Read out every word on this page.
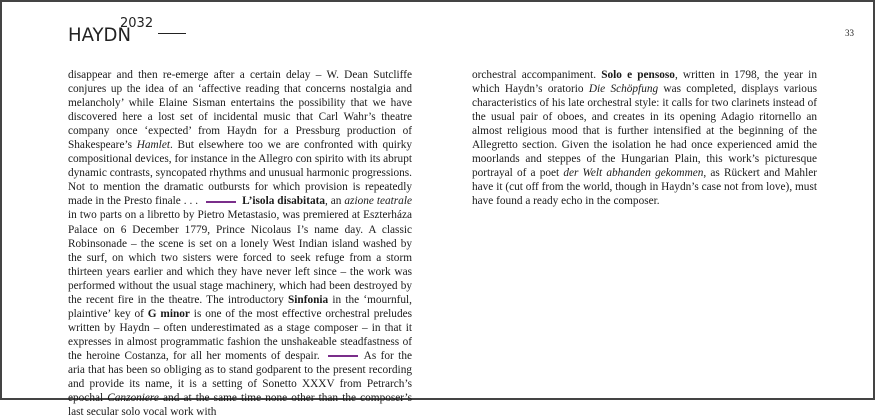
HAYDN
2032
33

disappear and then re-emerge after a certain delay – W. Dean Sutcliffe conjures up the idea of an ‘affective reading that concerns nostalgia and melancholy’ while Elaine Sisman entertains the possibility that we have discovered here a lost set of incidental music that Carl Wahr’s theatre company once ‘expected’ from Haydn for a Pressburg production of Shakespeare’s Hamlet. But elsewhere too we are confronted with quirky compositional devices, for instance in the Allegro con spirito with its abrupt dynamic contrasts, syncopated rhythms and unusual harmonic progressions. Not to mention the dramatic outbursts for which provision is repeatedly made in the Presto finale . . .	L’isola disabitata, an azione teatrale in two parts on a libretto by Pietro Metastasio, was premiered at Eszterháza Palace on 6 December 1779, Prince Nicolaus I’s name day. A classic Robinsonade – the scene is set on a lonely West Indian island washed by the surf, on which two sisters were forced to seek refuge from a storm thirteen years earlier and which they have never left since – the work was performed without the usual stage machinery, which had been destroyed by the recent fire in the theatre. The introductory Sinfonia in the ‘mournful, plaintive’ key of G minor is one of the most effective orchestral preludes written by Haydn – often underestimated as a stage composer – in that it expresses in almost programmatic fashion the unshakeable steadfastness of the heroine Costanza, for all her moments of despair.	As for the aria that has been so obliging as to stand godparent to the present recording and provide its name, it is a setting of Sonetto XXXV from Petrarch’s epochal Canzoniere and at the same time none other than the composer’s last secular solo vocal work with

orchestral accompaniment. Solo e pensoso, written in 1798, the year in which Haydn’s oratorio Die Schöpfung was completed, displays various characteristics of his late orchestral style: it calls for two clarinets instead of the usual pair of oboes, and creates in its opening Adagio ritornello an almost religious mood that is further intensified at the beginning of the Allegretto section. Given the isolation he had once experienced amid the moorlands and steppes of the Hungarian Plain, this work’s picturesque portrayal of a poet der Welt abhanden gekommen, as Rückert and Mahler have it (cut off from the world, though in Haydn’s case not from love), must have found a ready echo in the composer.
